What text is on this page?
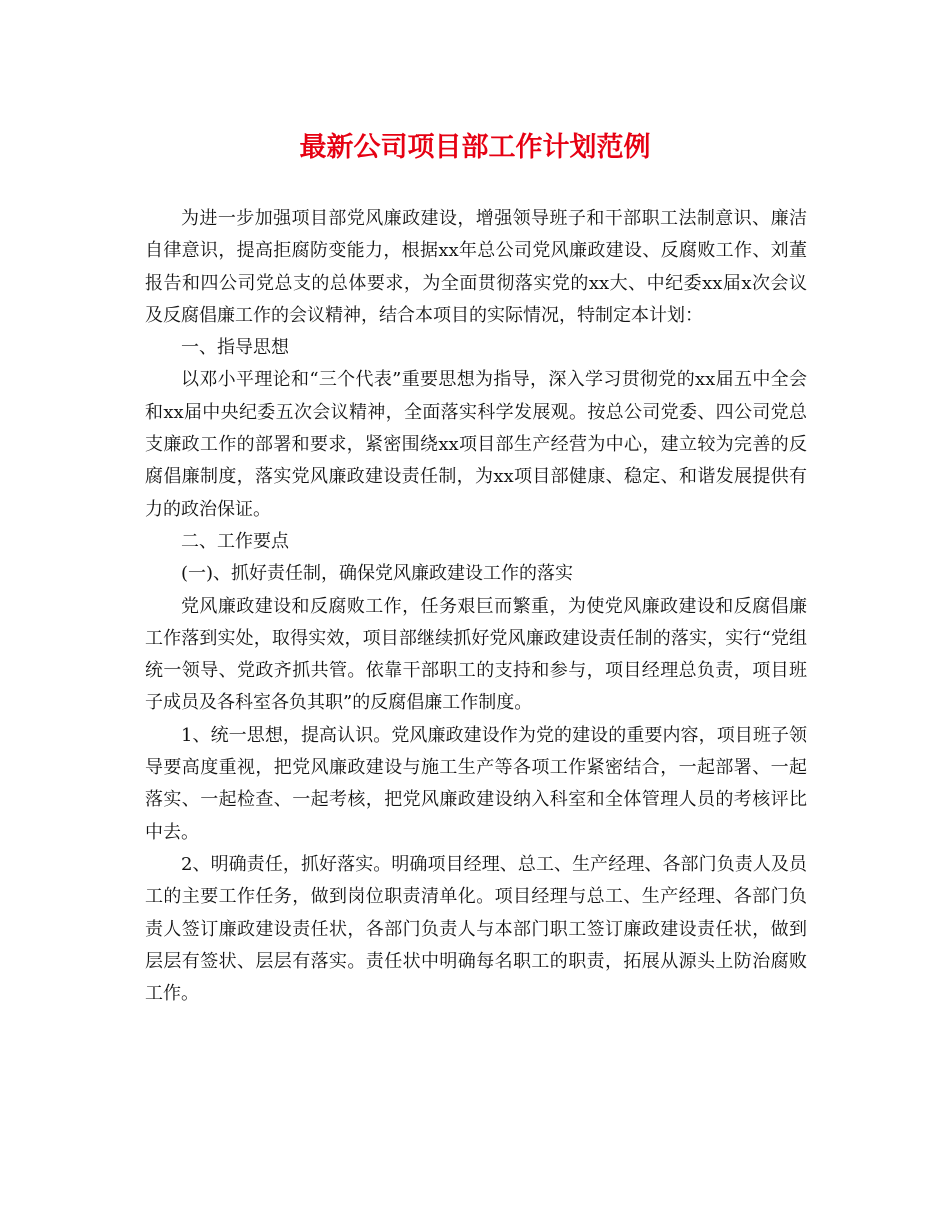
最新公司项目部工作计划范例

为进一步加强项目部党风廉政建设，增强领导班子和干部职工法制意识、廉洁自律意识，提高拒腐防变能力，根据xx年总公司党风廉政建设、反腐败工作、刘董报告和四公司党总支的总体要求，为全面贯彻落实党的xx大、中纪委xx届x次会议及反腐倡廉工作的会议精神，结合本项目的实际情况，特制定本计划：

一、指导思想

以邓小平理论和“三个代表”重要思想为指导，深入学习贯彻党的xx届五中全会和xx届中央纪委五次会议精神，全面落实科学发展观。按总公司党委、四公司党总支廉政工作的部署和要求，紧密围绕xx项目部生产经营为中心，建立较为完善的反腐倡廉制度，落实党风廉政建设责任制，为xx项目部健康、稳定、和谐发展提供有力的政治保证。

二、工作要点

(一)、抓好责任制，确保党风廉政建设工作的落实

党风廉政建设和反腐败工作，任务艰巨而繁重，为使党风廉政建设和反腐倡廉工作落到实处，取得实效，项目部继续抓好党风廉政建设责任制的落实，实行“党组统一领导、党政齐抓共管。依靠干部职工的支持和参与，项目经理总负责，项目班子成员及各科室各负其职”的反腐倡廉工作制度。

1、统一思想，提高认识。党风廉政建设作为党的建设的重要内容，项目班子领导要高度重视，把党风廉政建设与施工生产等各项工作紧密结合，一起部署、一起落实、一起检查、一起考核，把党风廉政建设纳入科室和全体管理人员的考核评比中去。

2、明确责任，抓好落实。明确项目经理、总工、生产经理、各部门负责人及员工的主要工作任务，做到岗位职责清单化。项目经理与总工、生产经理、各部门负责人签订廉政建设责任状，各部门负责人与本部门职工签订廉政建设责任状，做到层层有签状、层层有落实。责任状中明确每名职工的职责，拓展从源头上防治腐败工作。
